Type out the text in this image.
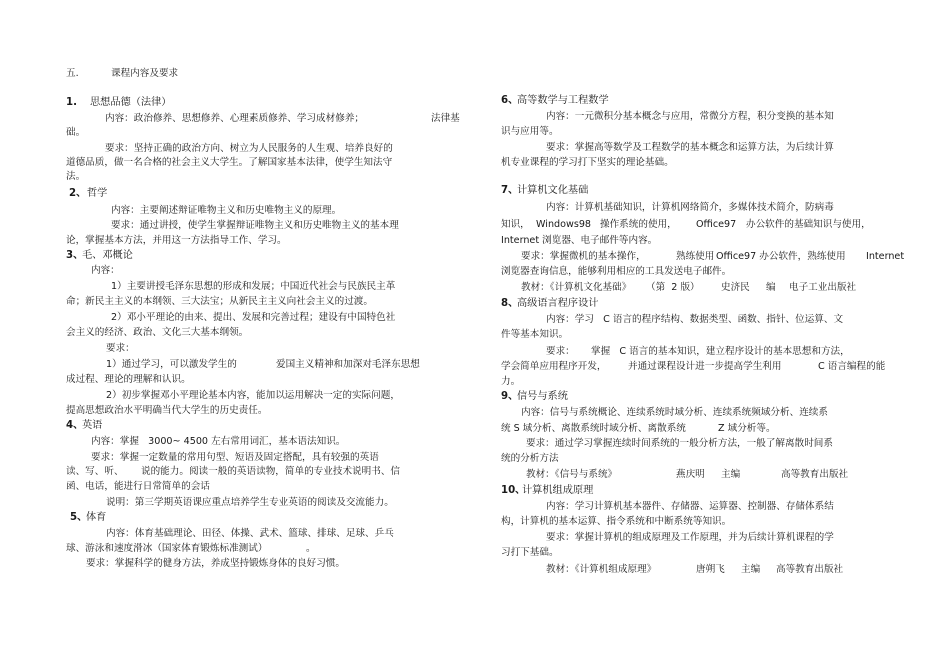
五.	课程内容及要求
1. 思想品德（法律）
内容：政治修养、思想修养、心理素质修养、学习成材修养；	法律基
础。
要求：坚持正确的政治方向、树立为人民服务的人生观、培养良好的
道德品质，做一名合格的社会主义大学生。了解国家基本法律，使学生知法守
法。
2、 哲学
内容：主要阐述辩证唯物主义和历史唯物主义的原理。
要求：通过讲授，使学生掌握辩证唯物主义和历史唯物主义的基本理
论，掌握基本方法，并用这一方法指导工作、学习。
3、
毛、邓概论
内容：
1）主要讲授毛泽东思想的形成和发展；中国近代社会与民族民主革
命；新民主主义的本纲领、三大法宝；从新民主主义向社会主义的过渡。
2）邓小平理论的由来、提出、发展和完善过程；建设有中国特色社
会主义的经济、政治、文化三大基本纲领。
要求：
1）通过学习，可以激发学生的	爱国主义精神和加深对毛泽东思想
成过程、理论的理解和认识。
2）初步掌握邓小平理论基本内容，能加以运用解决一定的实际问题，
提高思想政治水平明确当代大学生的历史责任。
4、
英语
内容：掌握   3000~ 4500 左右常用词汇，基本语法知识。
要求：掌握一定数量的常用句型、短语及固定搭配，具有较强的英语
读、写、听、 说的能力。阅读一般的英语读物，简单的专业技术说明书、信
函、电话，能进行日常简单的会话
说明：第三学期英语课应重点培养学生专业英语的阅读及交流能力。
5、
体育
内容：体育基础理论、田径、体操、武术、篮球、排球、足球、乒乓
球、游泳和速度滑冰（国家体育锻炼标准测试）	。
要求：掌握科学的健身方法，养成坚持锻炼身体的良好习惯。
6、
高等数学与工程数学
内容：一元微积分基本概念与应用，常微分方程，积分变换的基本知
识与应用等。
要求：掌握高等数学及工程数学的基本概念和运算方法，为后续计算
机专业课程的学习打下坚实的理论基础。
7、
计算机文化基础
内容：计算机基础知识，计算机网络简介，多媒体技术简介，防病毒
知识， Windows98 操作系统的使用， Office97 办公软件的基础知识与使用，
Internet 浏览器、电子邮件等内容。
要求：掌握微机的基本操作，	熟练使用 Office97 办公软件，熟练使用 Internet
浏览器查询信息，能够利用相应的工具发送电子邮件。
教材：《计算机文化基础》 （第  2 版） 史济民 编 电子工业出版社
8、
高级语言程序设计
内容：学习   C 语言的程序结构、数据类型、函数、指针、位运算、文
件等基本知识。
要求： 掌握   C 语言的基本知识，建立程序设计的基本思想和方法，
学会简单应用程序开发， 并通过课程设计进一步提高学生利用	C 语言编程的能
力。
9、
信号与系统
内容：信号与系统概论、连续系统时域分析、连续系统频域分析、连续系
统 S 域分析、离散系统时域分析、离散系统	Z 域分析等。
要求：通过学习掌握连续时间系统的一般分析方法，一般了解离散时间系
统的分析方法
教材：《信号与系统》	燕庆明 主编	高等教育出版社
10、
计算机组成原理
内容：学习计算机基本器件、存储器、运算器、控制器、存储体系结
构，计算机的基本运算、指令系统和中断系统等知识。
要求：掌握计算机的组成原理及工作原理，并为后续计算机课程的学
习打下基础。
教材：《计算机组成原理》	唐朔飞 主编 高等教育出版社
